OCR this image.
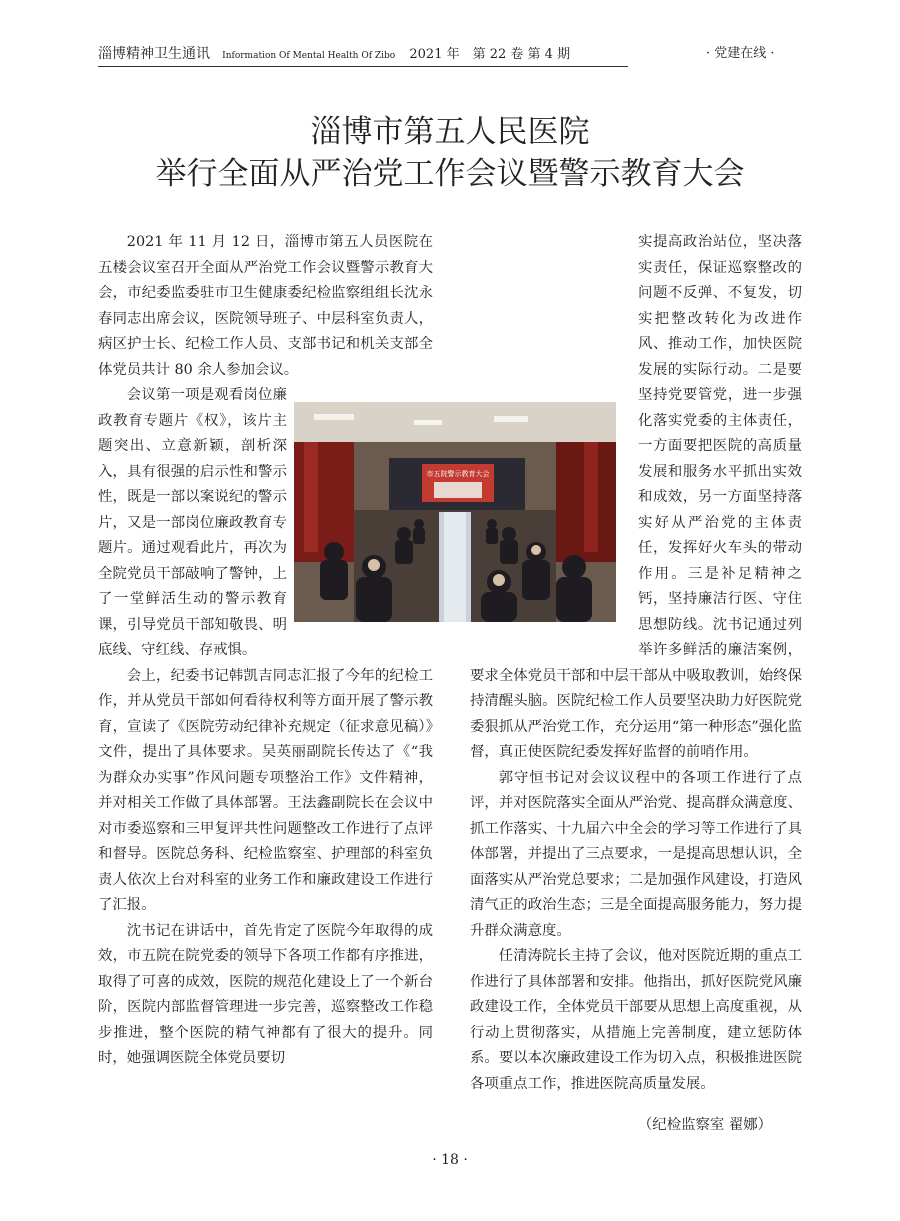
淄博精神卫生通讯 Information Of Mental Health Of Zibo 2021 年　第 22 卷 第 4 期	· 党建在线 ·
淄博市第五人民医院
举行全面从严治党工作会议暨警示教育大会

2021 年 11 月 12 日，淄博市第五人员医院在五楼会议室召开全面从严治党工作会议暨警示教育大会，市纪委监委驻市卫生健康委纪检监察组组长沈永春同志出席会议，医院领导班子、中层科室负责人，病区护士长、纪检工作人员、支部书记和机关支部全体党员共计 80 余人参加会议。

会议第一项是观看岗位廉政教育专题片《权》，该片主题突出、立意新颖，剖析深入，具有很强的启示性和警示性，既是一部以案说纪的警示片，又是一部岗位廉政教育专题片。通过观看此片，再次为全院党员干部敲响了警钟，上了一堂鲜活生动的警示教育课，引导党员干部知敬畏、明底线、守红线、存戒惧。

会上，纪委书记韩凯吉同志汇报了今年的纪检工作，并从党员干部如何看待权利等方面开展了警示教育，宣读了《医院劳动纪律补充规定（征求意见稿）》文件，提出了具体要求。吴英丽副院长传达了《“我为群众办实事”作风问题专项整治工作》文件精神，并对相关工作做了具体部署。王法鑫副院长在会议中对市委巡察和三甲复评共性问题整改工作进行了点评和督导。医院总务科、纪检监察室、护理部的科室负责人依次上台对科室的业务工作和廉政建设工作进行了汇报。

沈书记在讲话中，首先肯定了医院今年取得的成效，市五院在院党委的领导下各项工作都有序推进，取得了可喜的成效，医院的规范化建设上了一个新台阶，医院内部监督管理进一步完善，巡察整改工作稳步推进，整个医院的精气神都有了很大的提升。同时，她强调医院全体党员要切

实提高政治站位，坚决落实责任，保证巡察整改的问题不反弹、不复发，切实把整改转化为改进作风、推动工作，加快医院发展的实际行动。二是要坚持党要管党，进一步强化落实党委的主体责任，一方面要把医院的高质量发展和服务水平抓出实效和成效，另一方面坚持落实好从严治党的主体责任，发挥好火车头的带动作用。三是补足精神之钙，坚持廉洁行医、守住思想防线。沈书记通过列举许多鲜活的廉洁案例，要求全体党员干部和中层干部从中吸取教训，始终保持清醒头脑。医院纪检工作人员要坚决助力好医院党委狠抓从严治党工作，充分运用“第一种形态”强化监督，真正使医院纪委发挥好监督的前哨作用。

郭守恒书记对会议议程中的各项工作进行了点评，并对医院落实全面从严治党、提高群众满意度、抓工作落实、十九届六中全会的学习等工作进行了具体部署，并提出了三点要求，一是提高思想认识，全面落实从严治党总要求；二是加强作风建设，打造风清气正的政治生态；三是全面提高服务能力，努力提升群众满意度。

任清涛院长主持了会议，他对医院近期的重点工作进行了具体部署和安排。他指出，抓好医院党风廉政建设工作，全体党员干部要从思想上高度重视，从行动上贯彻落实，从措施上完善制度，建立惩防体系。要以本次廉政建设工作为切入点，积极推进医院各项重点工作，推进医院高质量发展。

（纪检监察室 翟娜）

市五院警示教育大会
· 18 ·
